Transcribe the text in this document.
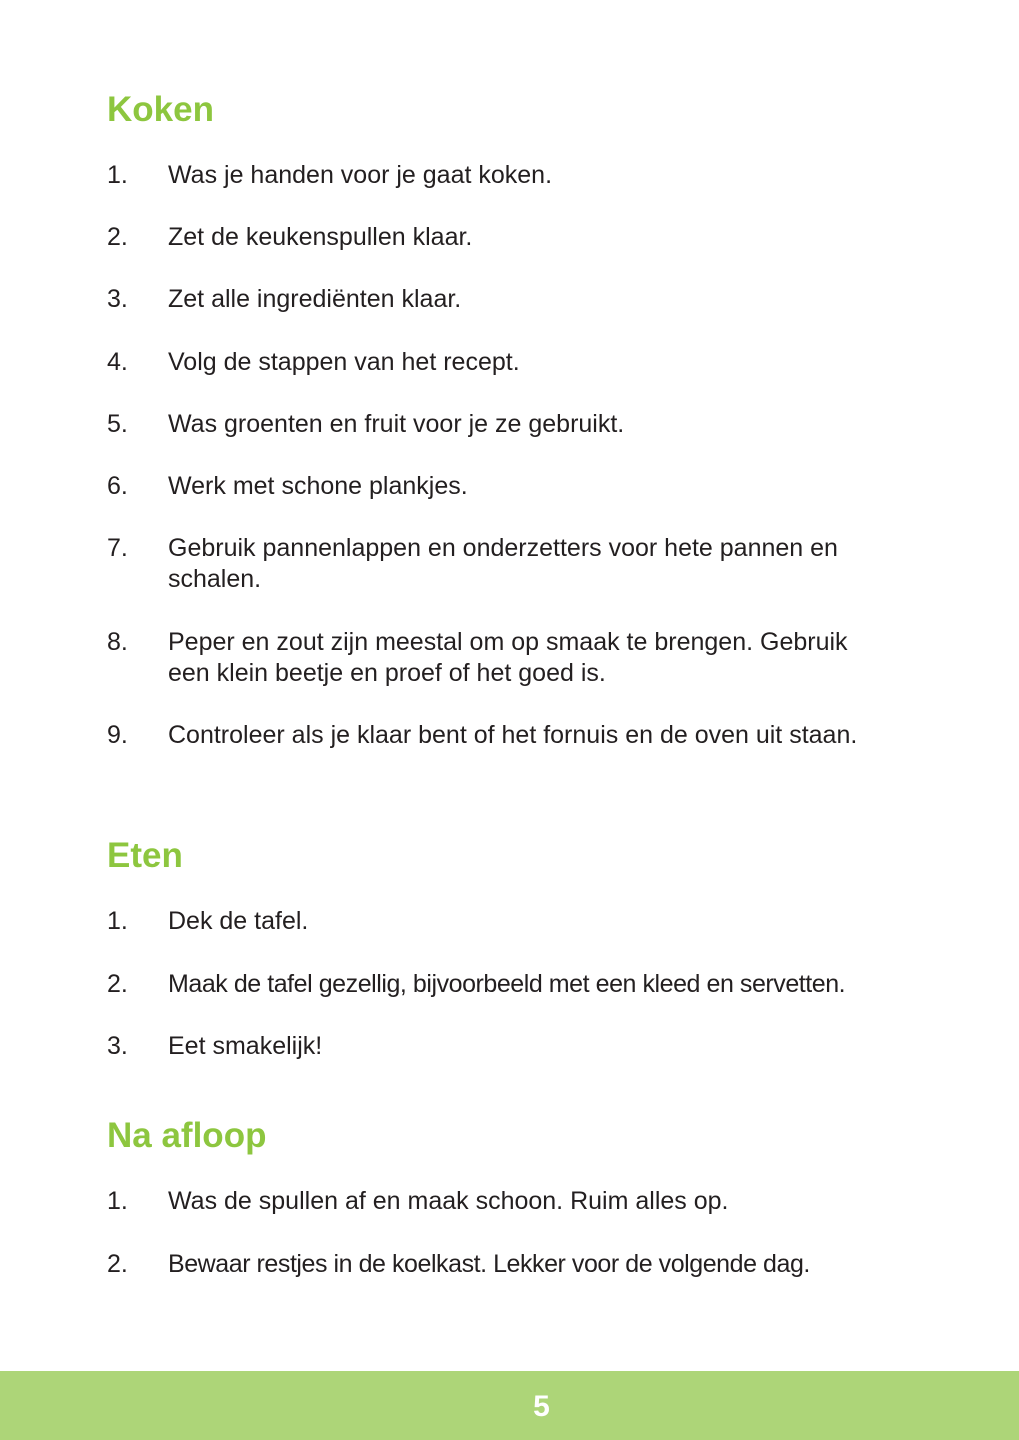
Koken
1.	Was je handen voor je gaat koken.
2.	Zet de keukenspullen klaar.
3.	Zet alle ingrediënten klaar.
4.	Volg de stappen van het recept.
5.	Was groenten en fruit voor je ze gebruikt.
6.	Werk met schone plankjes.
7.	Gebruik pannenlappen en onderzetters voor hete pannen en schalen.
8.	Peper en zout zijn meestal om op smaak te brengen. Gebruik een klein beetje en proef of het goed is.
9.	Controleer als je klaar bent of het fornuis en de oven uit staan.
Eten
1.	Dek de tafel.
2.	Maak de tafel gezellig, bijvoorbeeld met een kleed en servetten.
3.	Eet smakelijk!
Na afloop
1.	Was de spullen af en maak schoon. Ruim alles op.
2.	Bewaar restjes in de koelkast. Lekker voor de volgende dag.
5
